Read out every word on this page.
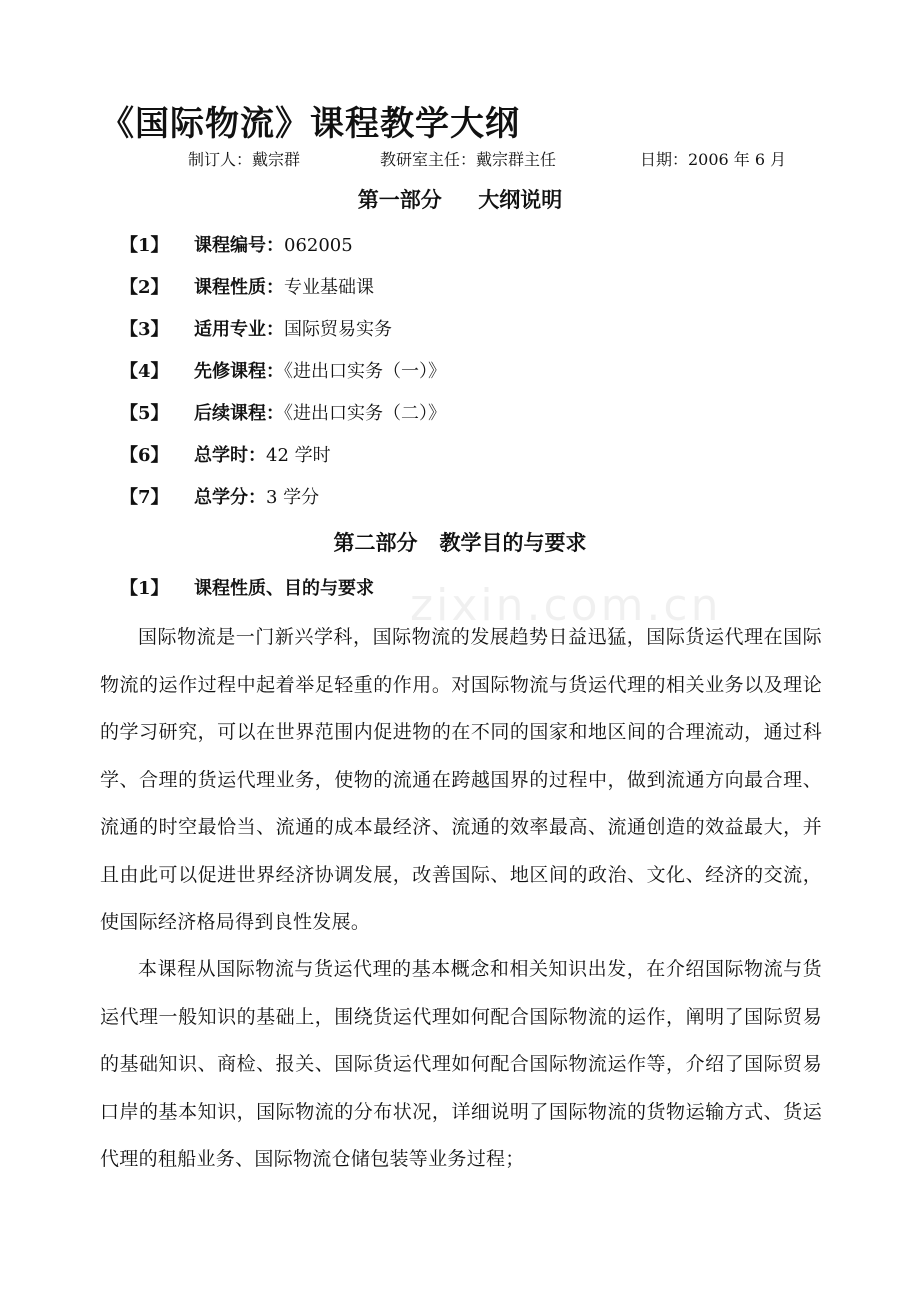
zixin.com.cn
《国际物流》课程教学大纲
制订人：戴宗群	教研室主任：戴宗群主任	日期：2006 年 6 月
第一部分     大纲说明
【1】 课程编号：062005
【2】 课程性质：专业基础课
【3】 适用专业：国际贸易实务
【4】 先修课程：《进出口实务（一）》
【5】 后续课程：《进出口实务（二）》
【6】 总学时：42 学时
【7】 总学分：3 学分
第二部分   教学目的与要求
【1】 课程性质、目的与要求
国际物流是一门新兴学科，国际物流的发展趋势日益迅猛，国际货运代理在国际物流的运作过程中起着举足轻重的作用。对国际物流与货运代理的相关业务以及理论的学习研究，可以在世界范围内促进物的在不同的国家和地区间的合理流动，通过科学、合理的货运代理业务，使物的流通在跨越国界的过程中，做到流通方向最合理、流通的时空最恰当、流通的成本最经济、流通的效率最高、流通创造的效益最大，并且由此可以促进世界经济协调发展，改善国际、地区间的政治、文化、经济的交流，使国际经济格局得到良性发展。
本课程从国际物流与货运代理的基本概念和相关知识出发，在介绍国际物流与货运代理一般知识的基础上，围绕货运代理如何配合国际物流的运作，阐明了国际贸易的基础知识、商检、报关、国际货运代理如何配合国际物流运作等，介绍了国际贸易口岸的基本知识，国际物流的分布状况，详细说明了国际物流的货物运输方式、货运代理的租船业务、国际物流仓储包装等业务过程；
